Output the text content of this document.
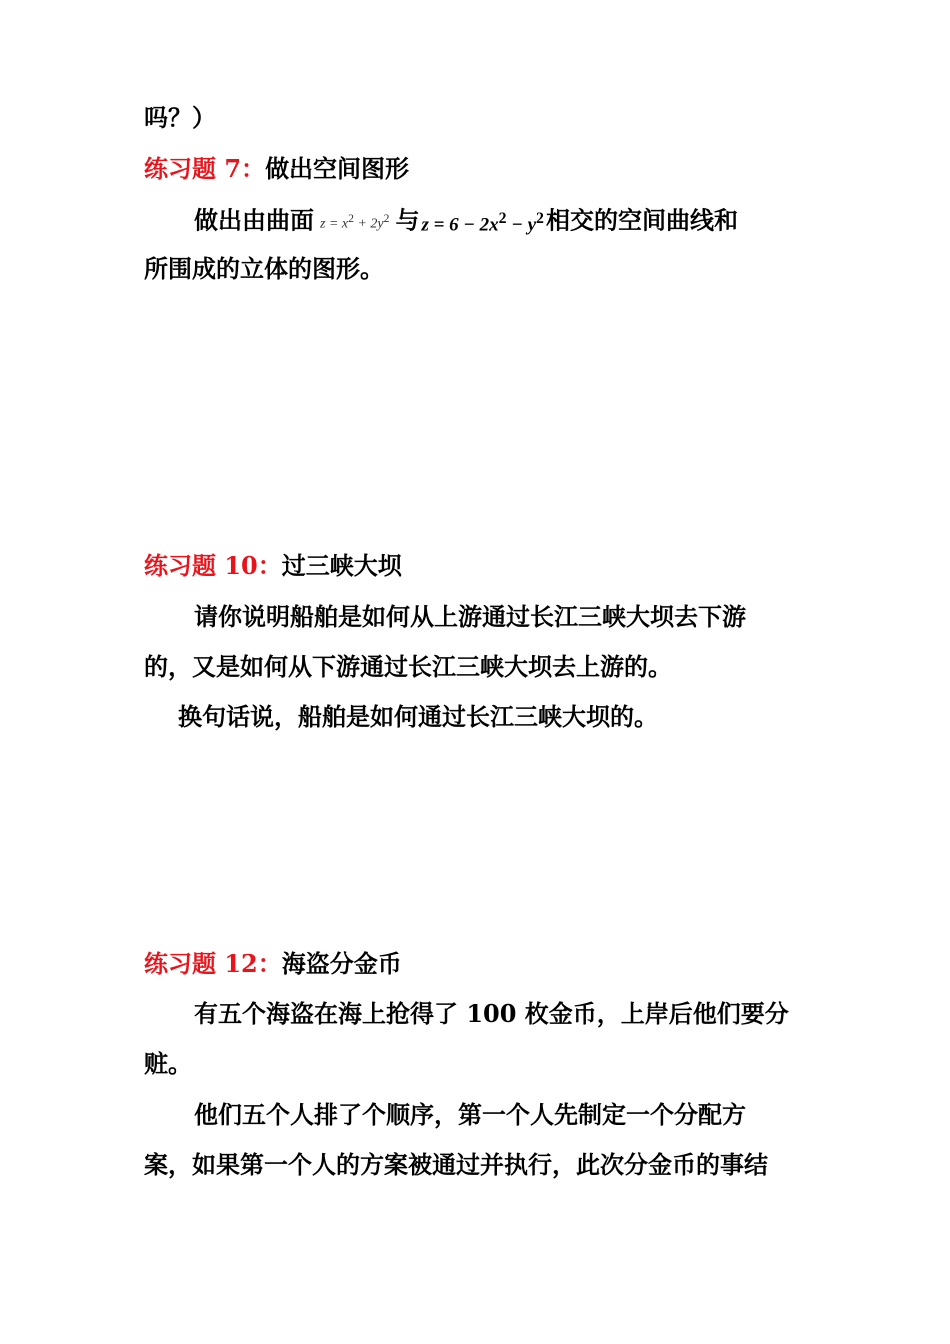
吗？）

练习题 7：做出空间图形

做出由曲面 $z = x^2 + 2y^2$ 与 $z = 6 - 2x^2 - y^2$相交的空间曲线和

所围成的立体的图形。

练习题 10：过三峡大坝

请你说明船舶是如何从上游通过长江三峡大坝去下游

的，又是如何从下游通过长江三峡大坝去上游的。

换句话说，船舶是如何通过长江三峡大坝的。

练习题 12：海盗分金币

有五个海盗在海上抢得了 100 枚金币，上岸后他们要分

赃。

他们五个人排了个顺序，第一个人先制定一个分配方

案，如果第一个人的方案被通过并执行，此次分金币的事结
